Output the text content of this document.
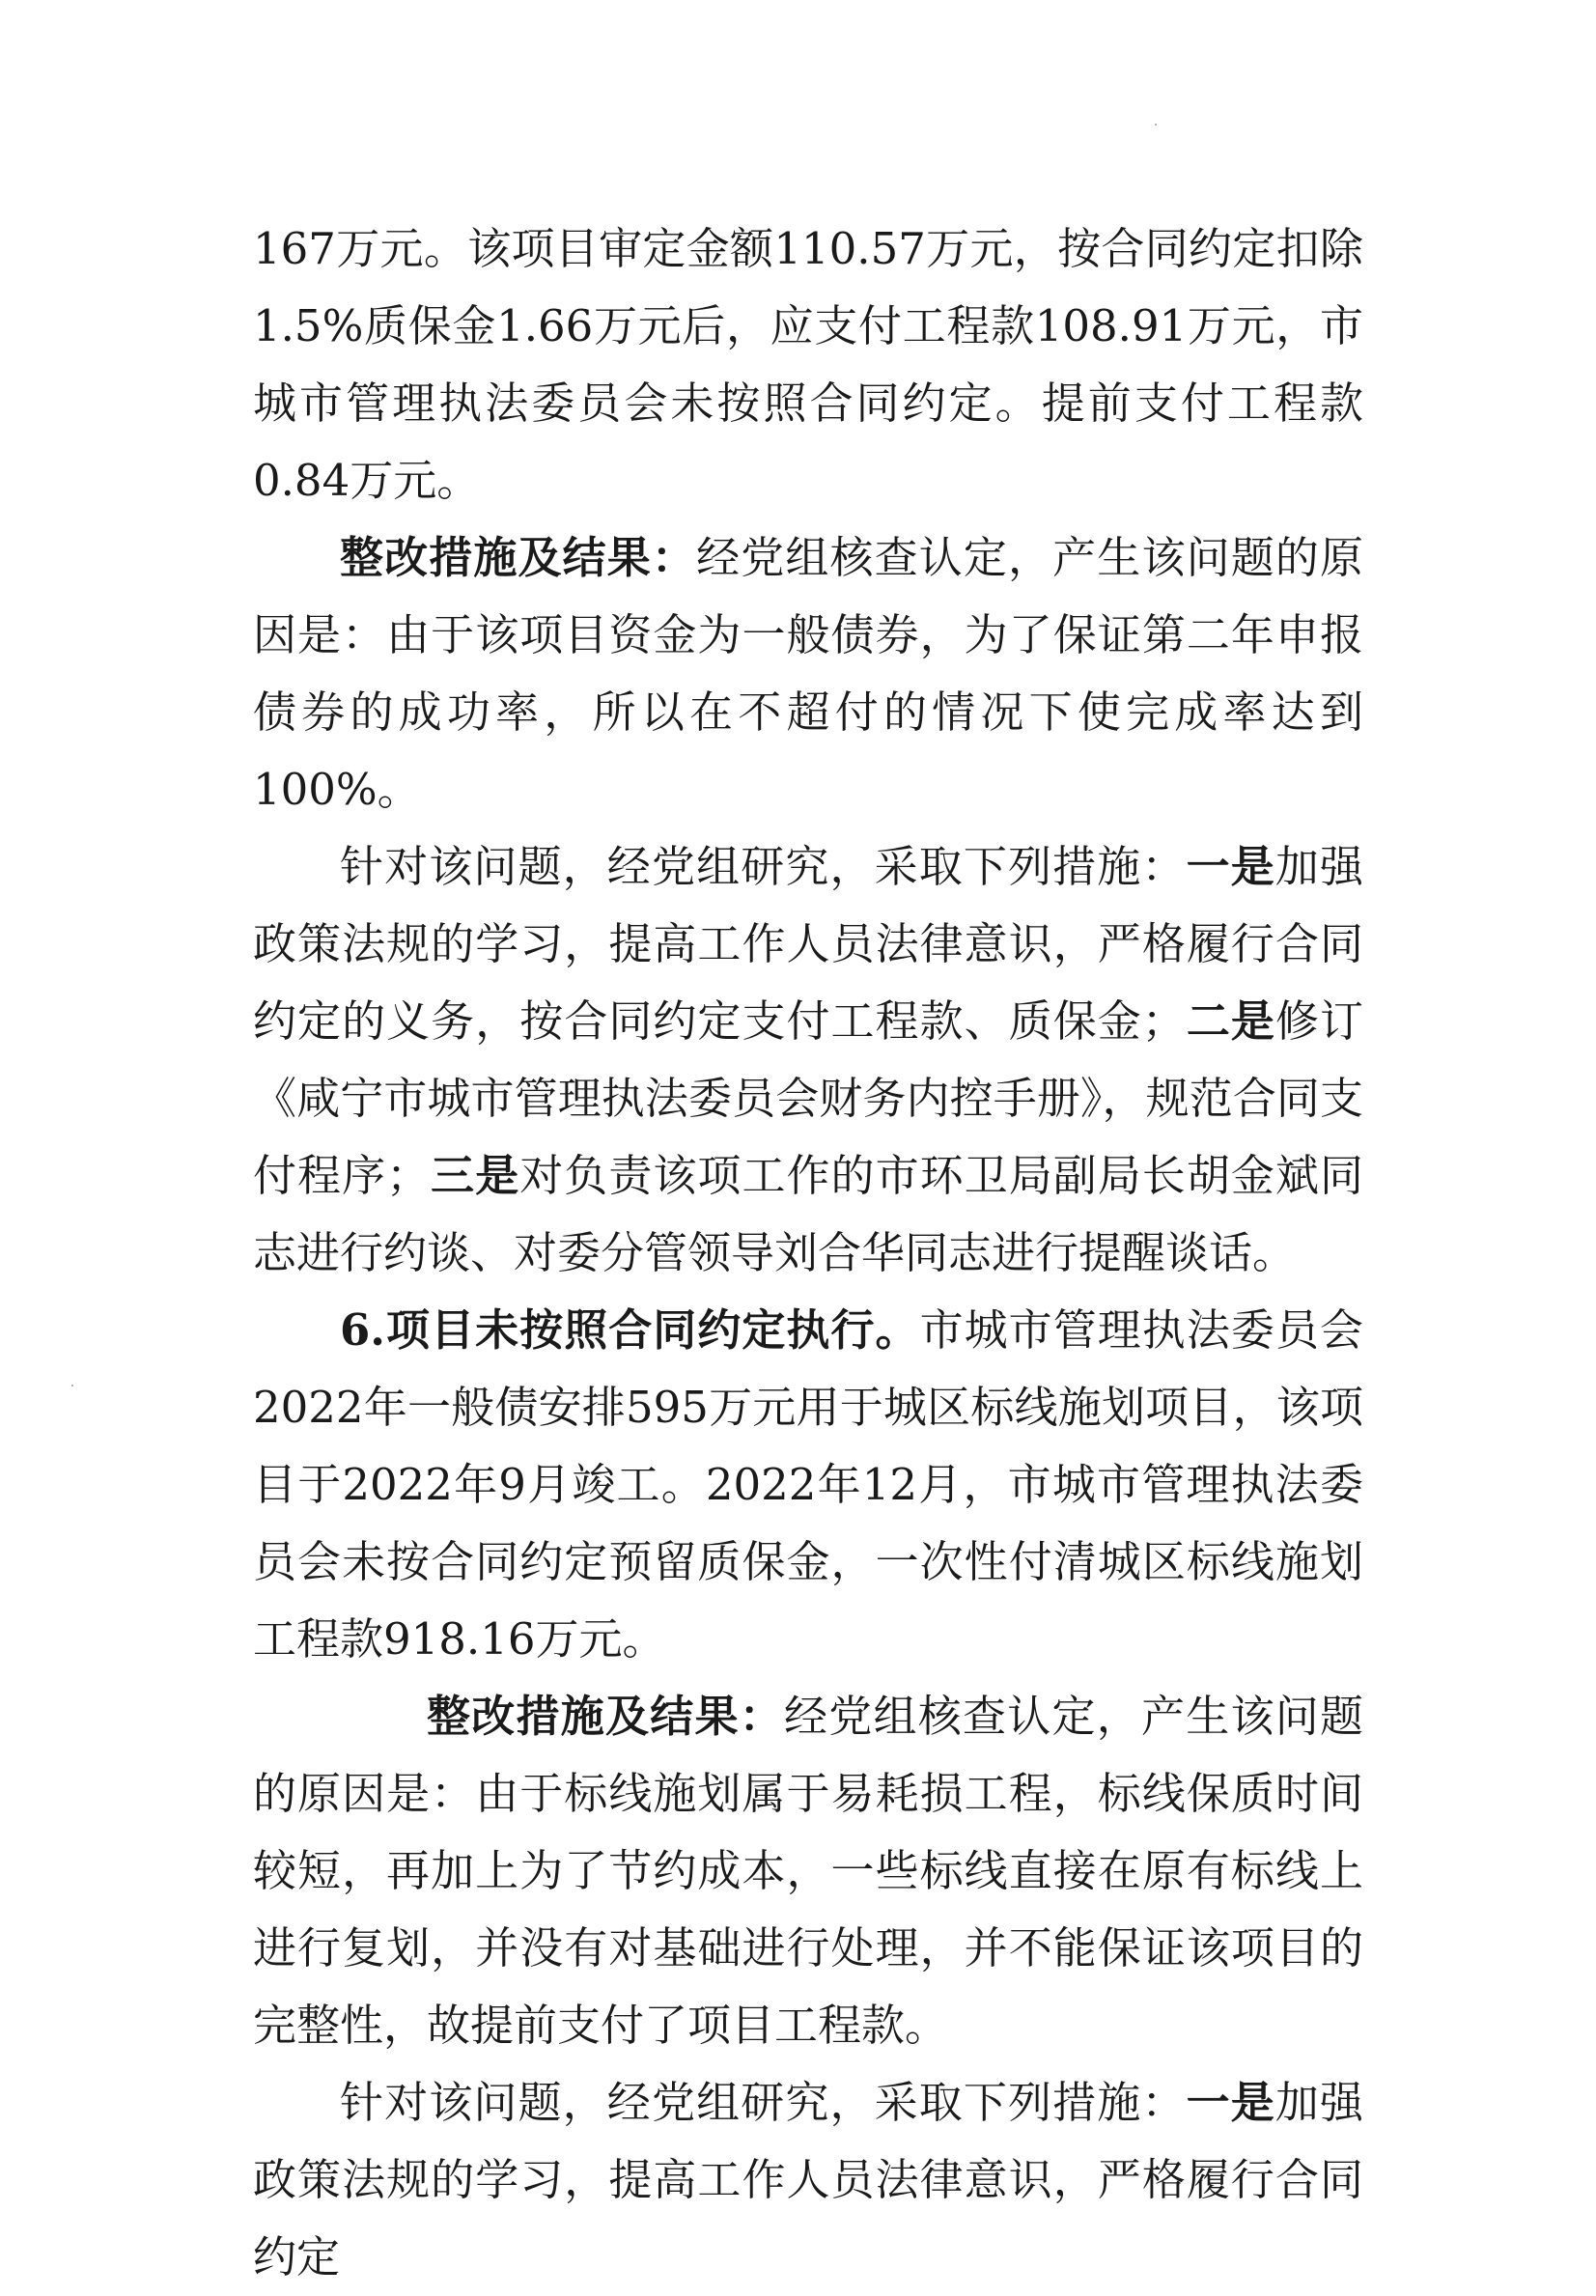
167万元。该项目审定金额110.57万元，按合同约定扣除1.5%质保金1.66万元后，应支付工程款108.91万元，市城市管理执法委员会未按照合同约定。提前支付工程款0.84万元。

整改措施及结果：经党组核查认定，产生该问题的原因是：由于该项目资金为一般债券，为了保证第二年申报债券的成功率，所以在不超付的情况下使完成率达到100%。

针对该问题，经党组研究，采取下列措施：一是加强政策法规的学习，提高工作人员法律意识，严格履行合同约定的义务，按合同约定支付工程款、质保金；二是修订《咸宁市城市管理执法委员会财务内控手册》，规范合同支付程序；三是对负责该项工作的市环卫局副局长胡金斌同志进行约谈、对委分管领导刘合华同志进行提醒谈话。

6.项目未按照合同约定执行。市城市管理执法委员会2022年一般债安排595万元用于城区标线施划项目，该项目于2022年9月竣工。2022年12月，市城市管理执法委员会未按合同约定预留质保金，一次性付清城区标线施划工程款918.16万元。

整改措施及结果：经党组核查认定，产生该问题的原因是：由于标线施划属于易耗损工程，标线保质时间较短，再加上为了节约成本，一些标线直接在原有标线上进行复划，并没有对基础进行处理，并不能保证该项目的完整性，故提前支付了项目工程款。

针对该问题，经党组研究，采取下列措施：一是加强政策法规的学习，提高工作人员法律意识，严格履行合同约定
